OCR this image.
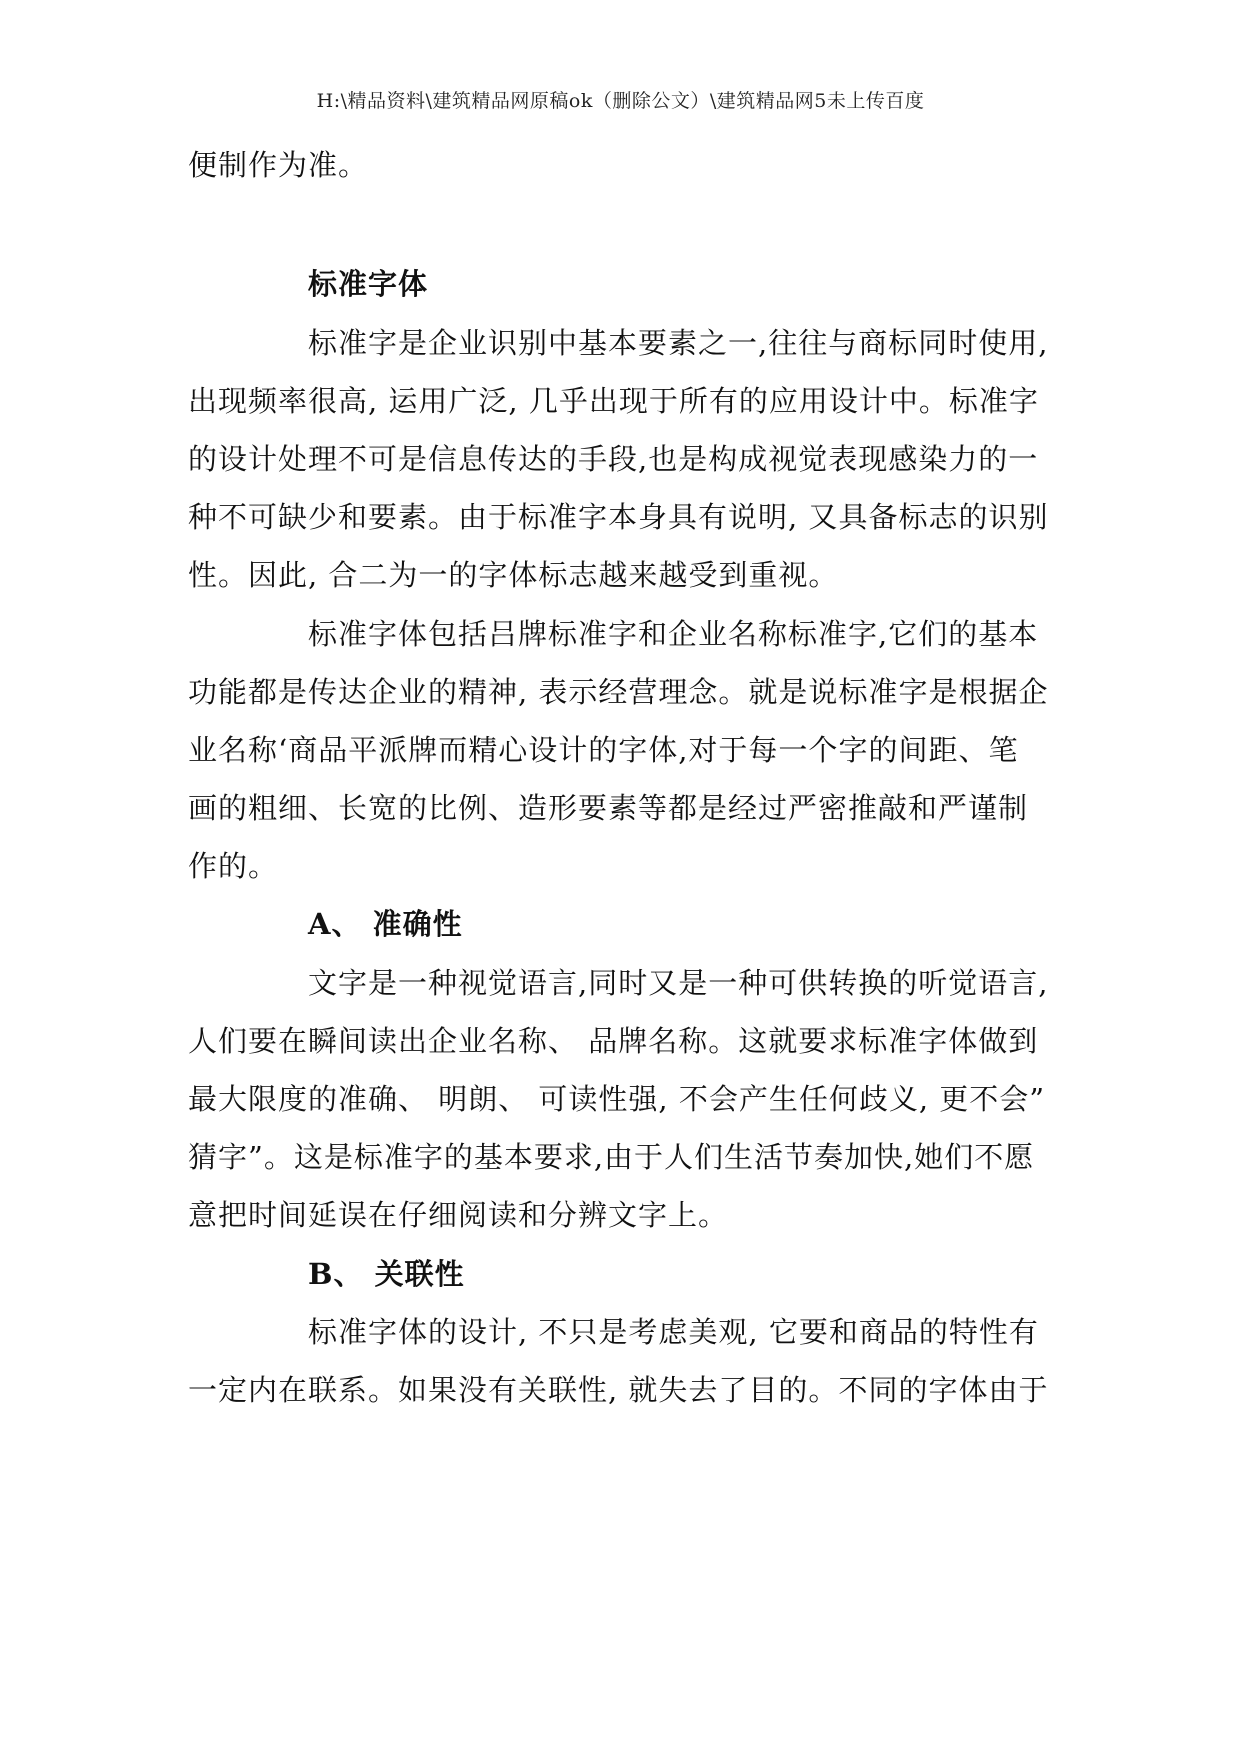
H:\精品资料\建筑精品网原稿ok（删除公文）\建筑精品网5未上传百度
便制作为准。
标准字体
标准字是企业识别中基本要素之一,往往与商标同时使用,
出现频率很高, 运用广泛, 几乎出现于所有的应用设计中。标准字
的设计处理不可是信息传达的手段,也是构成视觉表现感染力的一
种不可缺少和要素。由于标准字本身具有说明, 又具备标志的识别
性。因此, 合二为一的字体标志越来越受到重视。
标准字体包括吕牌标准字和企业名称标准字,它们的基本
功能都是传达企业的精神, 表示经营理念。就是说标准字是根据企
业名称‘商品平派牌而精心设计的字体,对于每一个字的间距、笔
画的粗细、长宽的比例、造形要素等都是经过严密推敲和严谨制
作的。
A、 准确性
文字是一种视觉语言,同时又是一种可供转换的听觉语言,
人们要在瞬间读出企业名称、 品牌名称。这就要求标准字体做到
最大限度的准确、 明朗、 可读性强, 不会产生任何歧义, 更不会”
猜字”。这是标准字的基本要求,由于人们生活节奏加快,她们不愿
意把时间延误在仔细阅读和分辨文字上。
B、 关联性
标准字体的设计, 不只是考虑美观, 它要和商品的特性有
一定内在联系。如果没有关联性, 就失去了目的。不同的字体由于
